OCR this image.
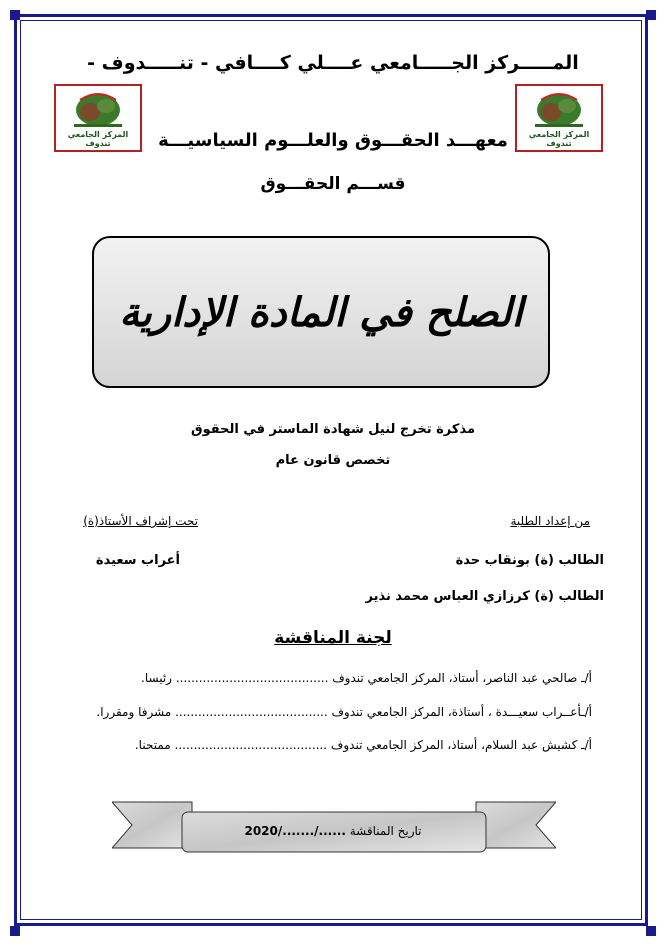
المـــــركز الجـــــامعي عــــلي كــــافي - تنـــــدوف -
المركز الجامعي تندوف
المركز الجامعي تندوف	معهـــد الحقـــوق والعلـــوم السياسيـــة
قســـم الحقـــوق
الصلح في المادة الإدارية
مذكرة تخرج لنيل شهادة الماستر في الحقوق
تخصص قانون عام
من إعداد الطلبة
تحت إشراف الأستاذ(ة)
الطالب (ة) بونقاب حدة
أعراب سعيدة
الطالب (ة) كرزازي العباس محمد نذير
لجنة المناقشة
أ/ـ صالحي عبد الناصر، أستاذ، المركز الجامعي تندوف ........................................ رئيسا.
أ/ـأعــراب سعيـــدة ، أستاذة، المركز الجامعي تندوف ........................................ مشرفا ومقررا.
أ/ـ كشيش عبد السلام، أستاذ، المركز الجامعي تندوف ........................................ ممتحنا.
تاريخ المناقشة ....../......./2020
